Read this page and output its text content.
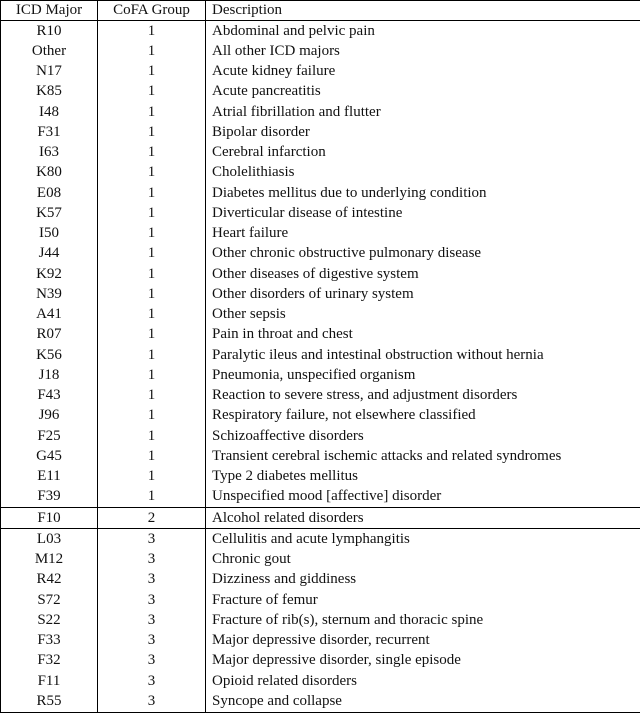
ICD Major	CoFA Group	Description
R10	1	Abdominal and pelvic pain
Other	1	All other ICD majors
N17	1	Acute kidney failure
K85	1	Acute pancreatitis
I48	1	Atrial fibrillation and flutter
F31	1	Bipolar disorder
I63	1	Cerebral infarction
K80	1	Cholelithiasis
E08	1	Diabetes mellitus due to underlying condition
K57	1	Diverticular disease of intestine
I50	1	Heart failure
J44	1	Other chronic obstructive pulmonary disease
K92	1	Other diseases of digestive system
N39	1	Other disorders of urinary system
A41	1	Other sepsis
R07	1	Pain in throat and chest
K56	1	Paralytic ileus and intestinal obstruction without hernia
J18	1	Pneumonia, unspecified organism
F43	1	Reaction to severe stress, and adjustment disorders
J96	1	Respiratory failure, not elsewhere classified
F25	1	Schizoaffective disorders
G45	1	Transient cerebral ischemic attacks and related syndromes
E11	1	Type 2 diabetes mellitus
F39	1	Unspecified mood [affective] disorder
F10	2	Alcohol related disorders
L03	3	Cellulitis and acute lymphangitis
M12	3	Chronic gout
R42	3	Dizziness and giddiness
S72	3	Fracture of femur
S22	3	Fracture of rib(s), sternum and thoracic spine
F33	3	Major depressive disorder, recurrent
F32	3	Major depressive disorder, single episode
F11	3	Opioid related disorders
R55	3	Syncope and collapse
